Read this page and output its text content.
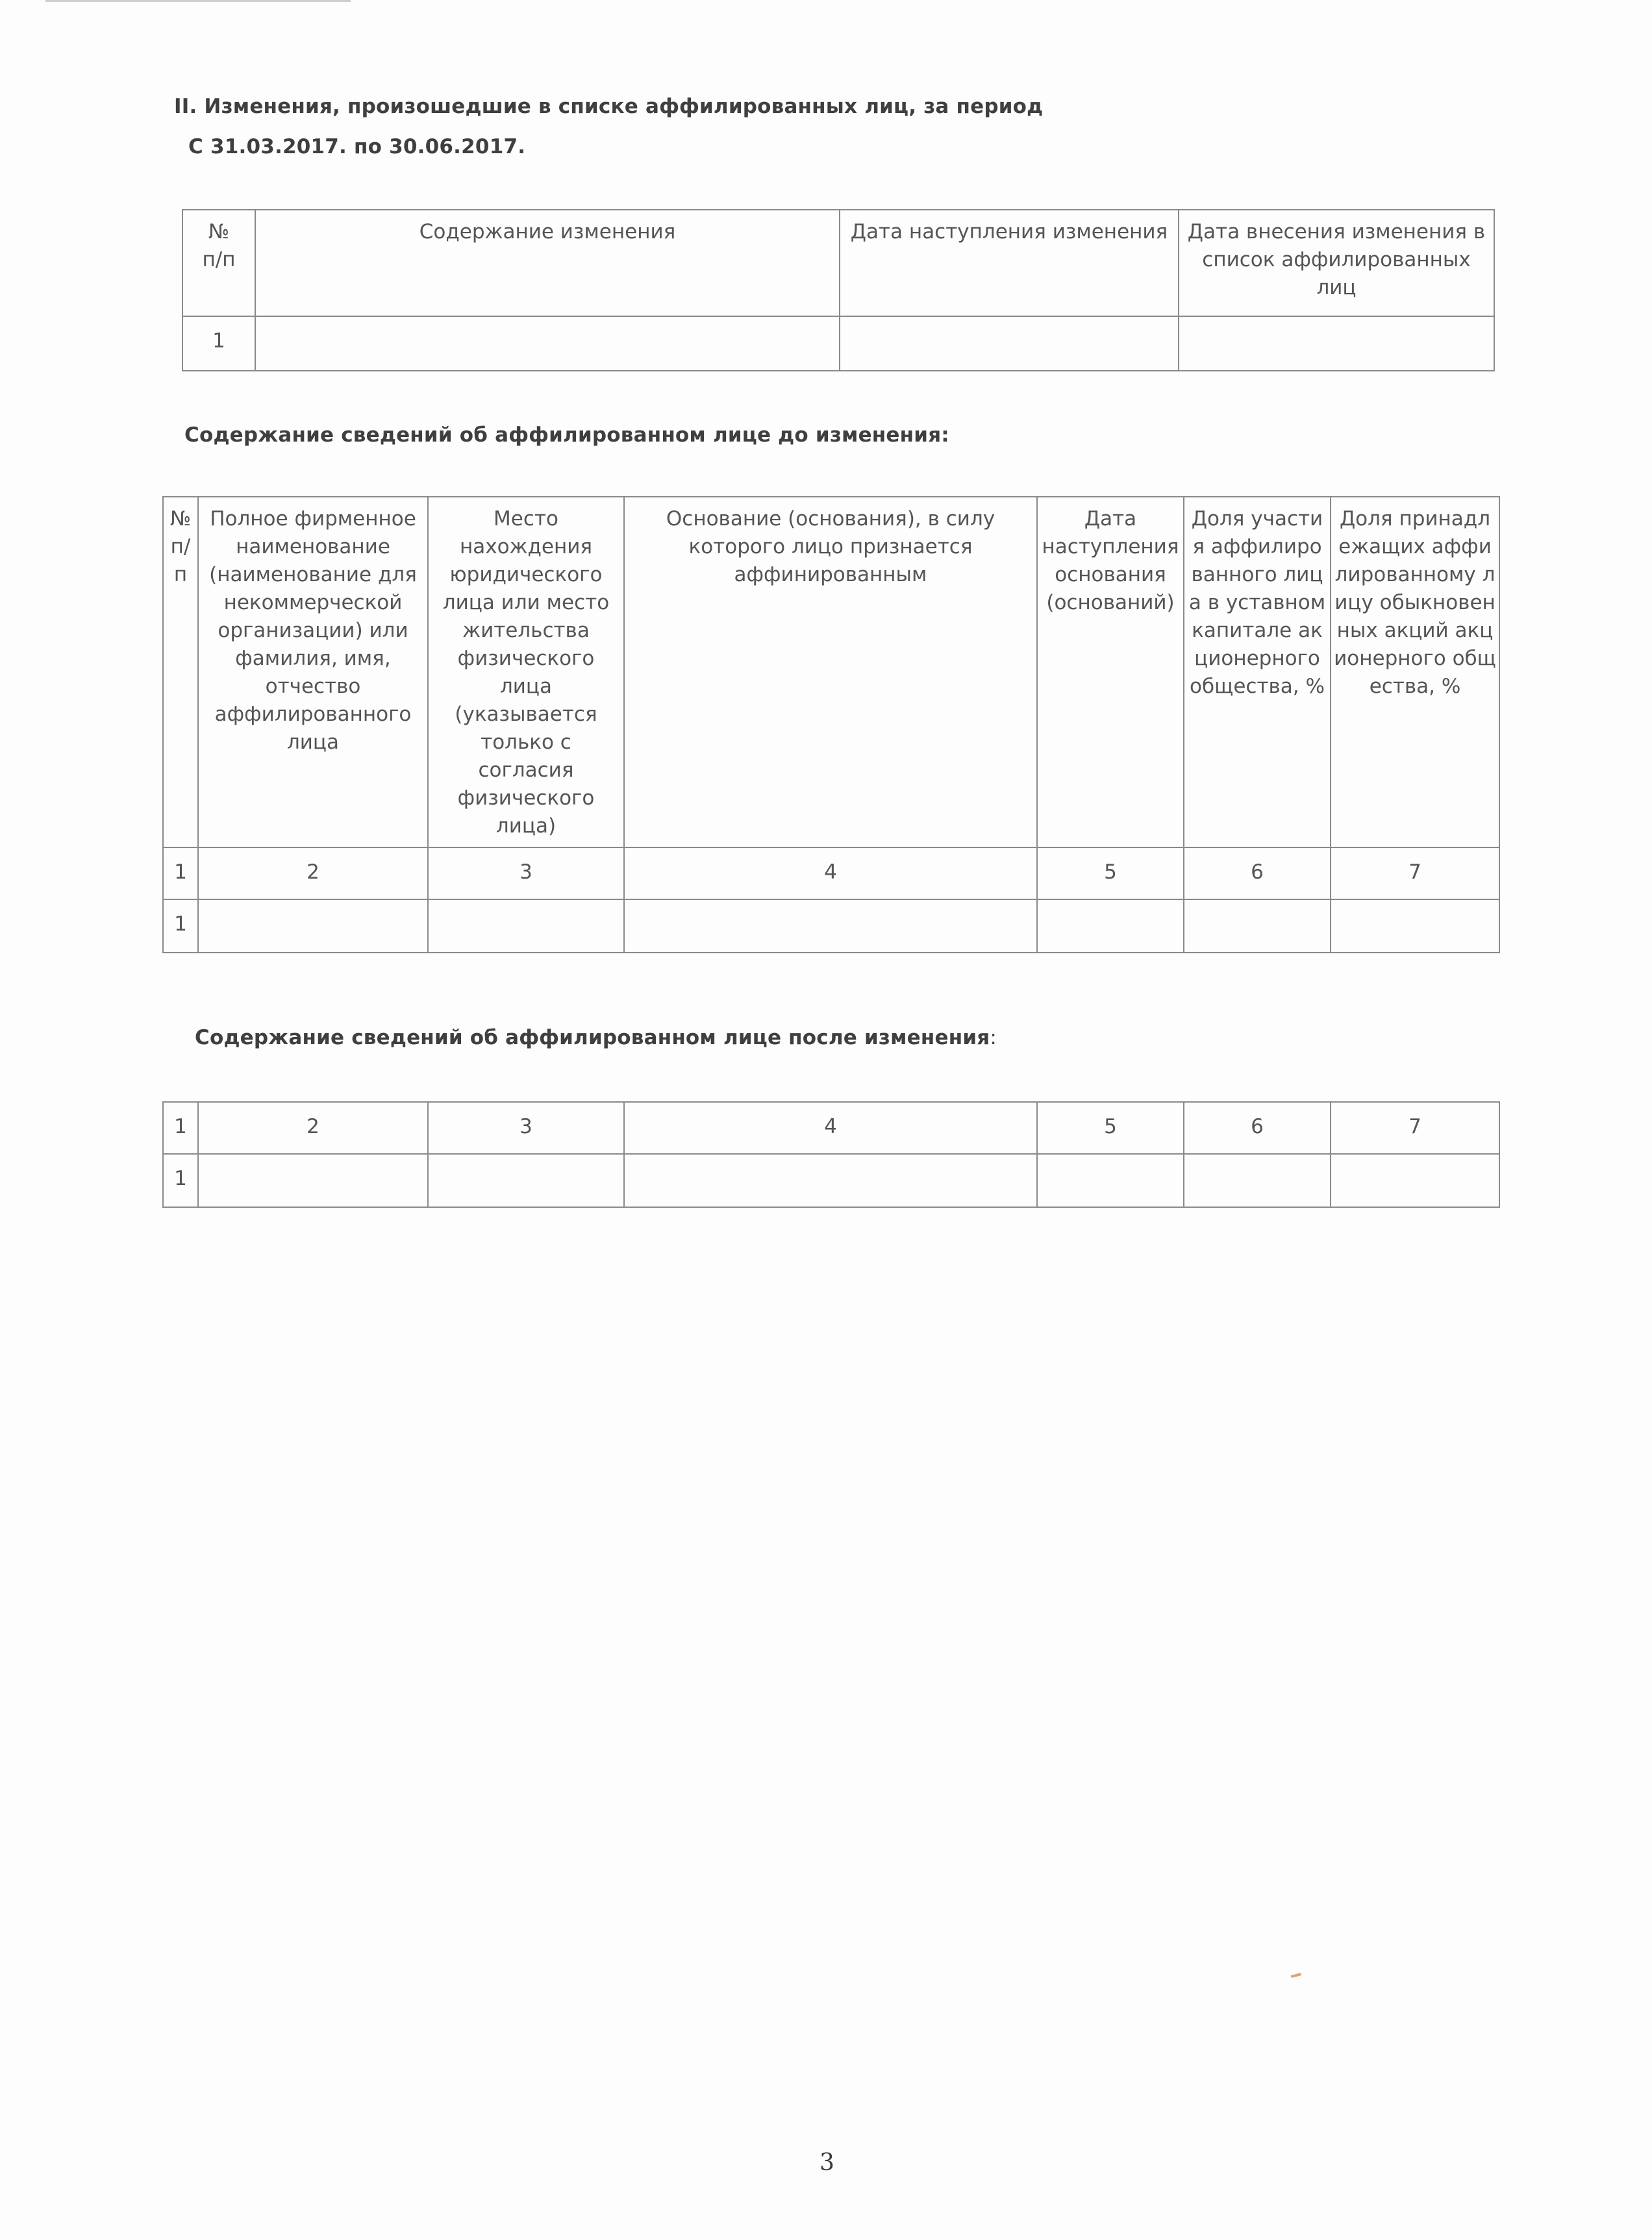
II. Изменения, произошедшие в списке аффилированных лиц, за период
С 31.03.2017. по 30.06.2017.
№ п/п	Содержание изменения	Дата наступления изменения	Дата внесения изменения в список аффилированных лиц
1			
Содержание сведений об аффилированном лице до изменения:
№ п/п	Полное фирменное наименование (наименование для некоммерческой организации) или фамилия, имя, отчество аффилированного лица	Место нахождения юридического лица или место жительства физического лица (указывается только с согласия физического лица)	Основание (основания), в силу которого лицо признается аффинированным	Дата наступления основания (оснований)	Доля участия аффилированного лица в уставном капитале акционерного общества, %	Доля принадлежащих аффилированному лицу обыкновенных акций акционерного общества, %
1	2	3	4	5	6	7
1						
Содержание сведений об аффилированном лице после изменения:
1	2	3	4	5	6	7
1						
3
